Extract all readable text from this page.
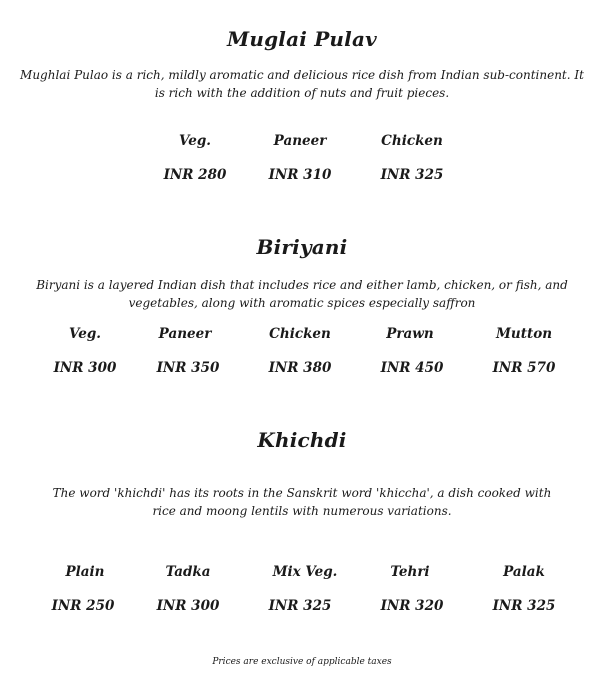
Muglai Pulav
Mughlai Pulao is a rich, mildly aromatic and delicious rice dish from Indian sub-continent. It is rich with the addition of nuts and fruit pieces.
Veg.	Paneer	Chicken
INR 280	INR 310	INR 325
Biriyani
Biryani is a layered Indian dish that includes rice and either lamb, chicken, or fish, and vegetables, along with aromatic spices especially saffron
Veg.	Paneer	Chicken	Prawn	Mutton
INR 300	INR 350	INR 380	INR 450	INR 570
Khichdi
The word 'khichdi' has its roots in the Sanskrit word 'khiccha', a dish cooked with rice and moong lentils with numerous variations.
Plain	Tadka	Mix Veg.	Tehri	Palak
INR 250	INR 300	INR 325	INR 320	INR 325
Prices are exclusive of applicable taxes
